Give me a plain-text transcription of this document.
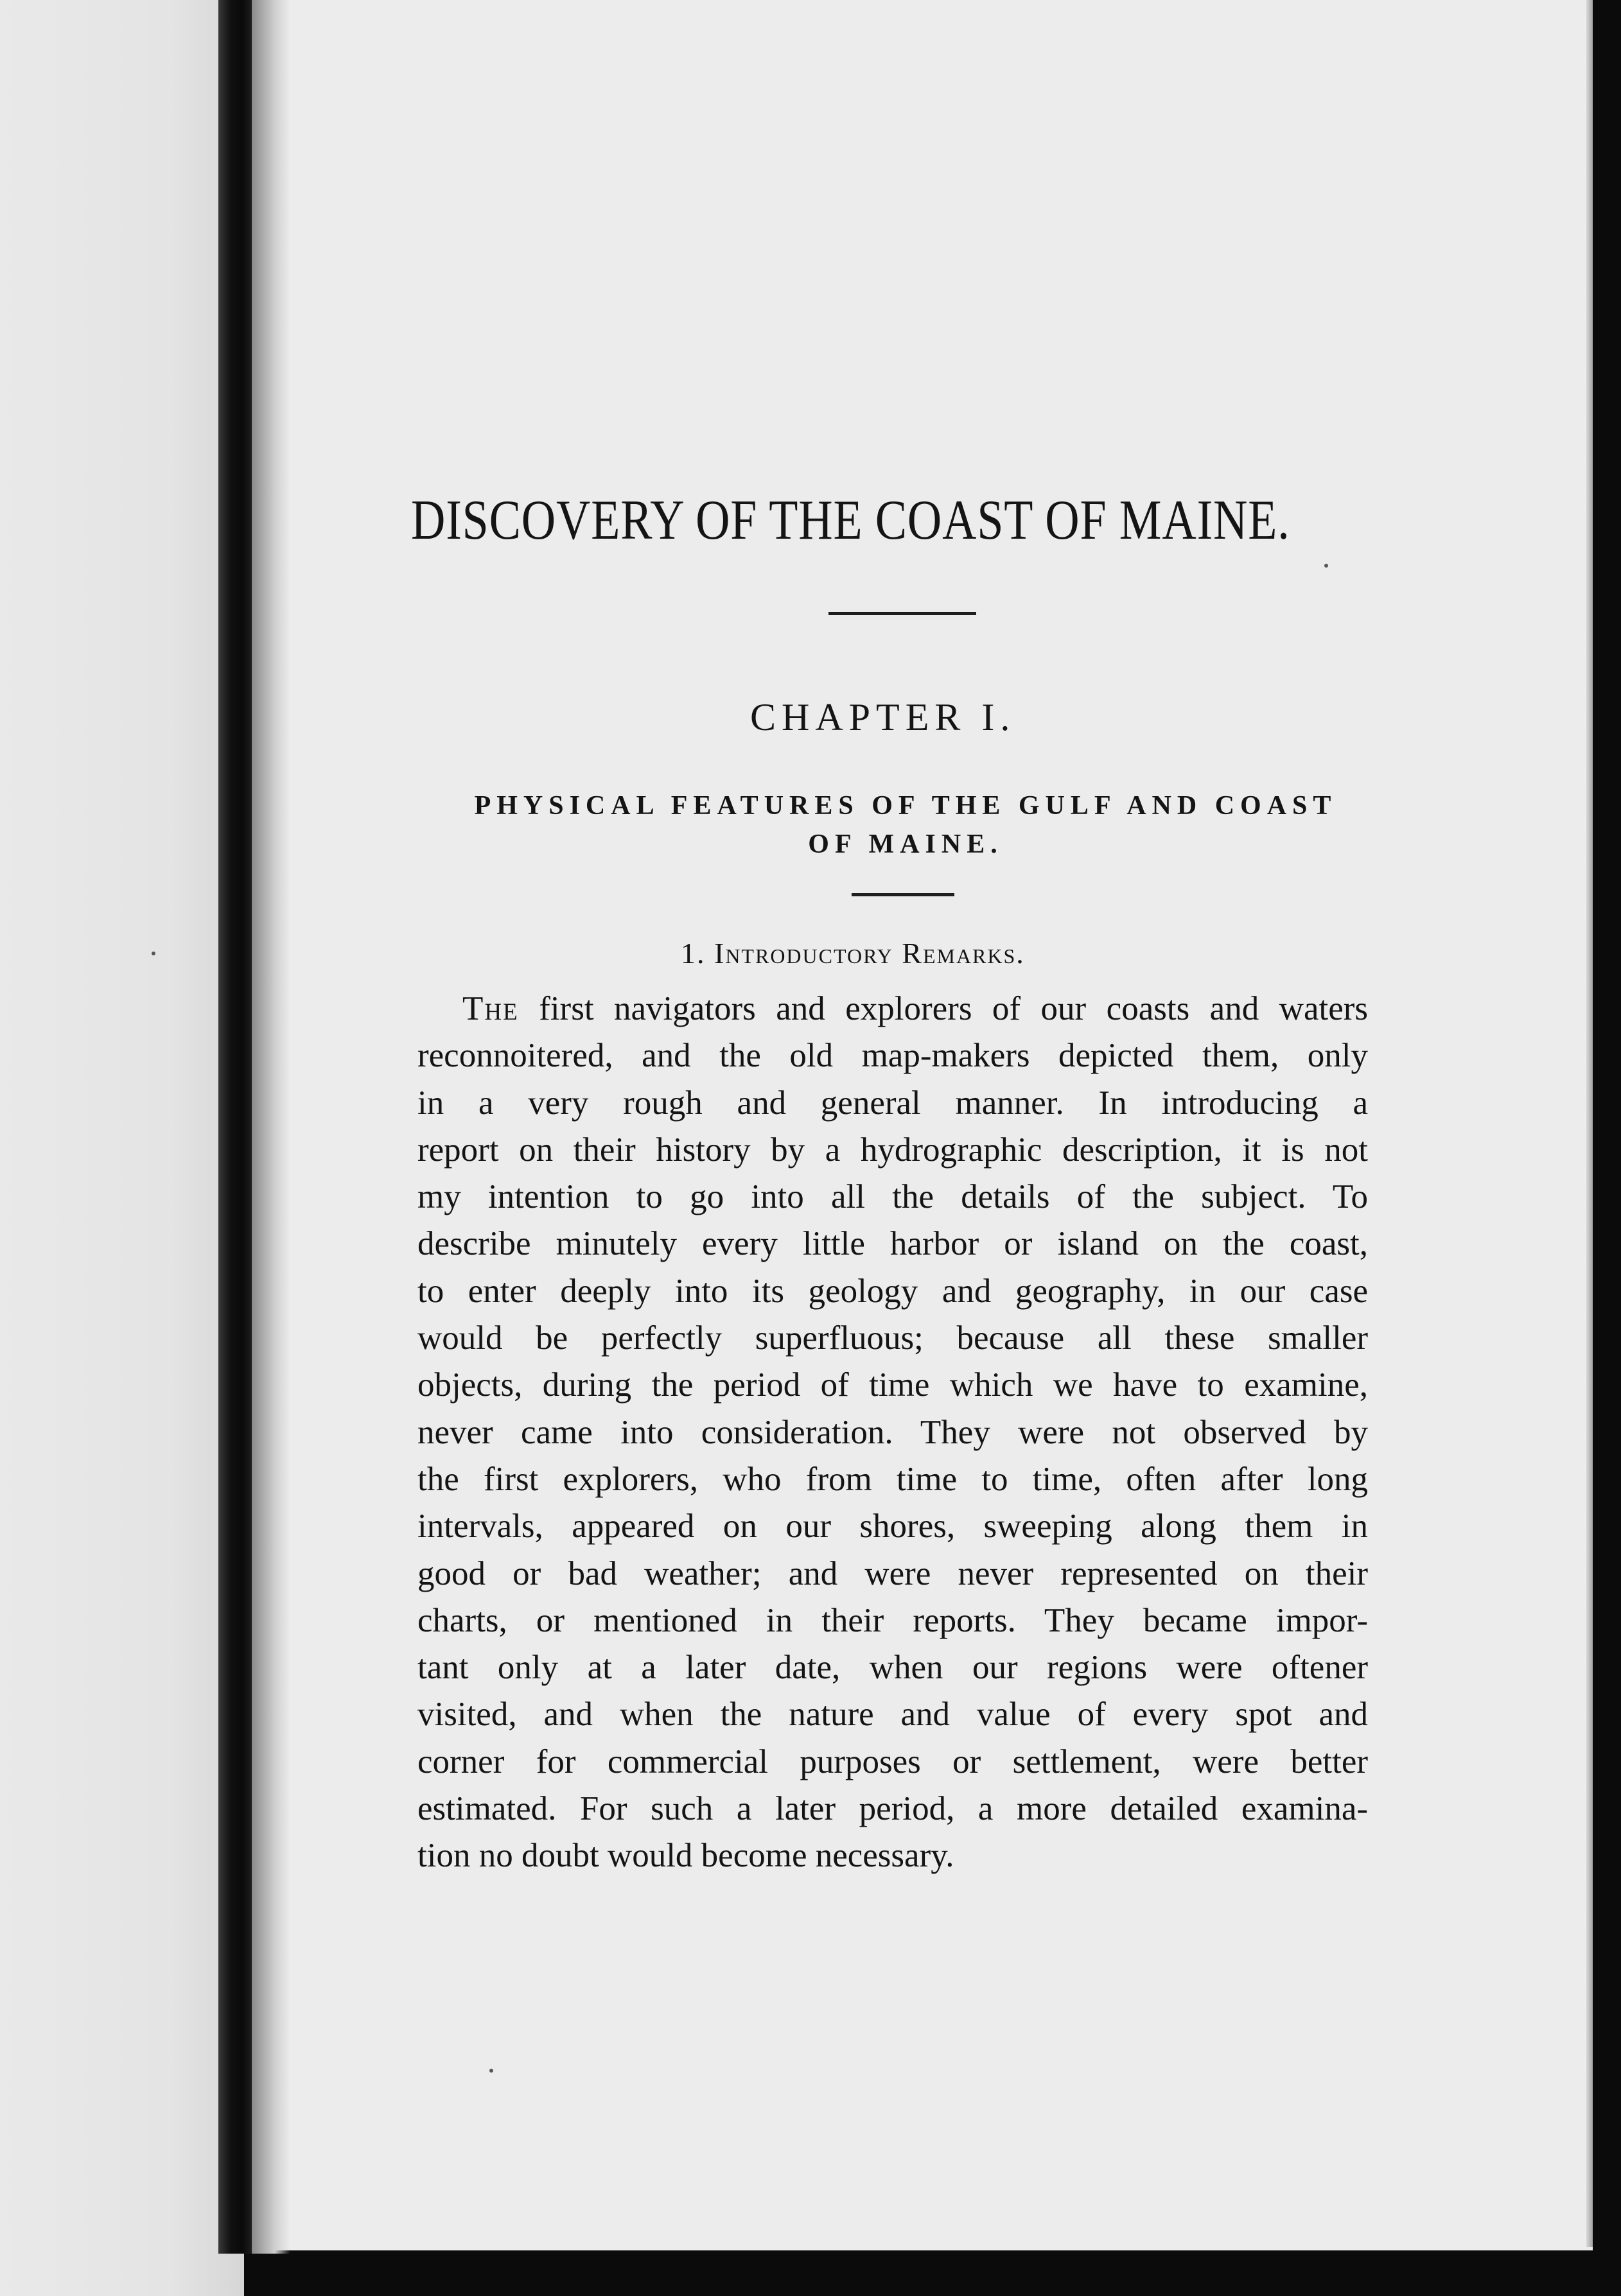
DISCOVERY OF THE COAST OF MAINE.
CHAPTER I.
PHYSICAL FEATURES OF THE GULF AND COAST
OF MAINE.
1. Introductory Remarks.
The first navigators and explorers of our coasts and waters
reconnoitered, and the old map-makers depicted them, only
in a very rough and general manner. In introducing a
report on their history by a hydrographic description, it is not
my intention to go into all the details of the subject. To
describe minutely every little harbor or island on the coast,
to enter deeply into its geology and geography, in our case
would be perfectly superfluous; because all these smaller
objects, during the period of time which we have to examine,
never came into consideration. They were not observed by
the first explorers, who from time to time, often after long
intervals, appeared on our shores, sweeping along them in
good or bad weather; and were never represented on their
charts, or mentioned in their reports. They became impor-
tant only at a later date, when our regions were oftener
visited, and when the nature and value of every spot and
corner for commercial purposes or settlement, were better
estimated. For such a later period, a more detailed examina-
tion no doubt would become necessary.
